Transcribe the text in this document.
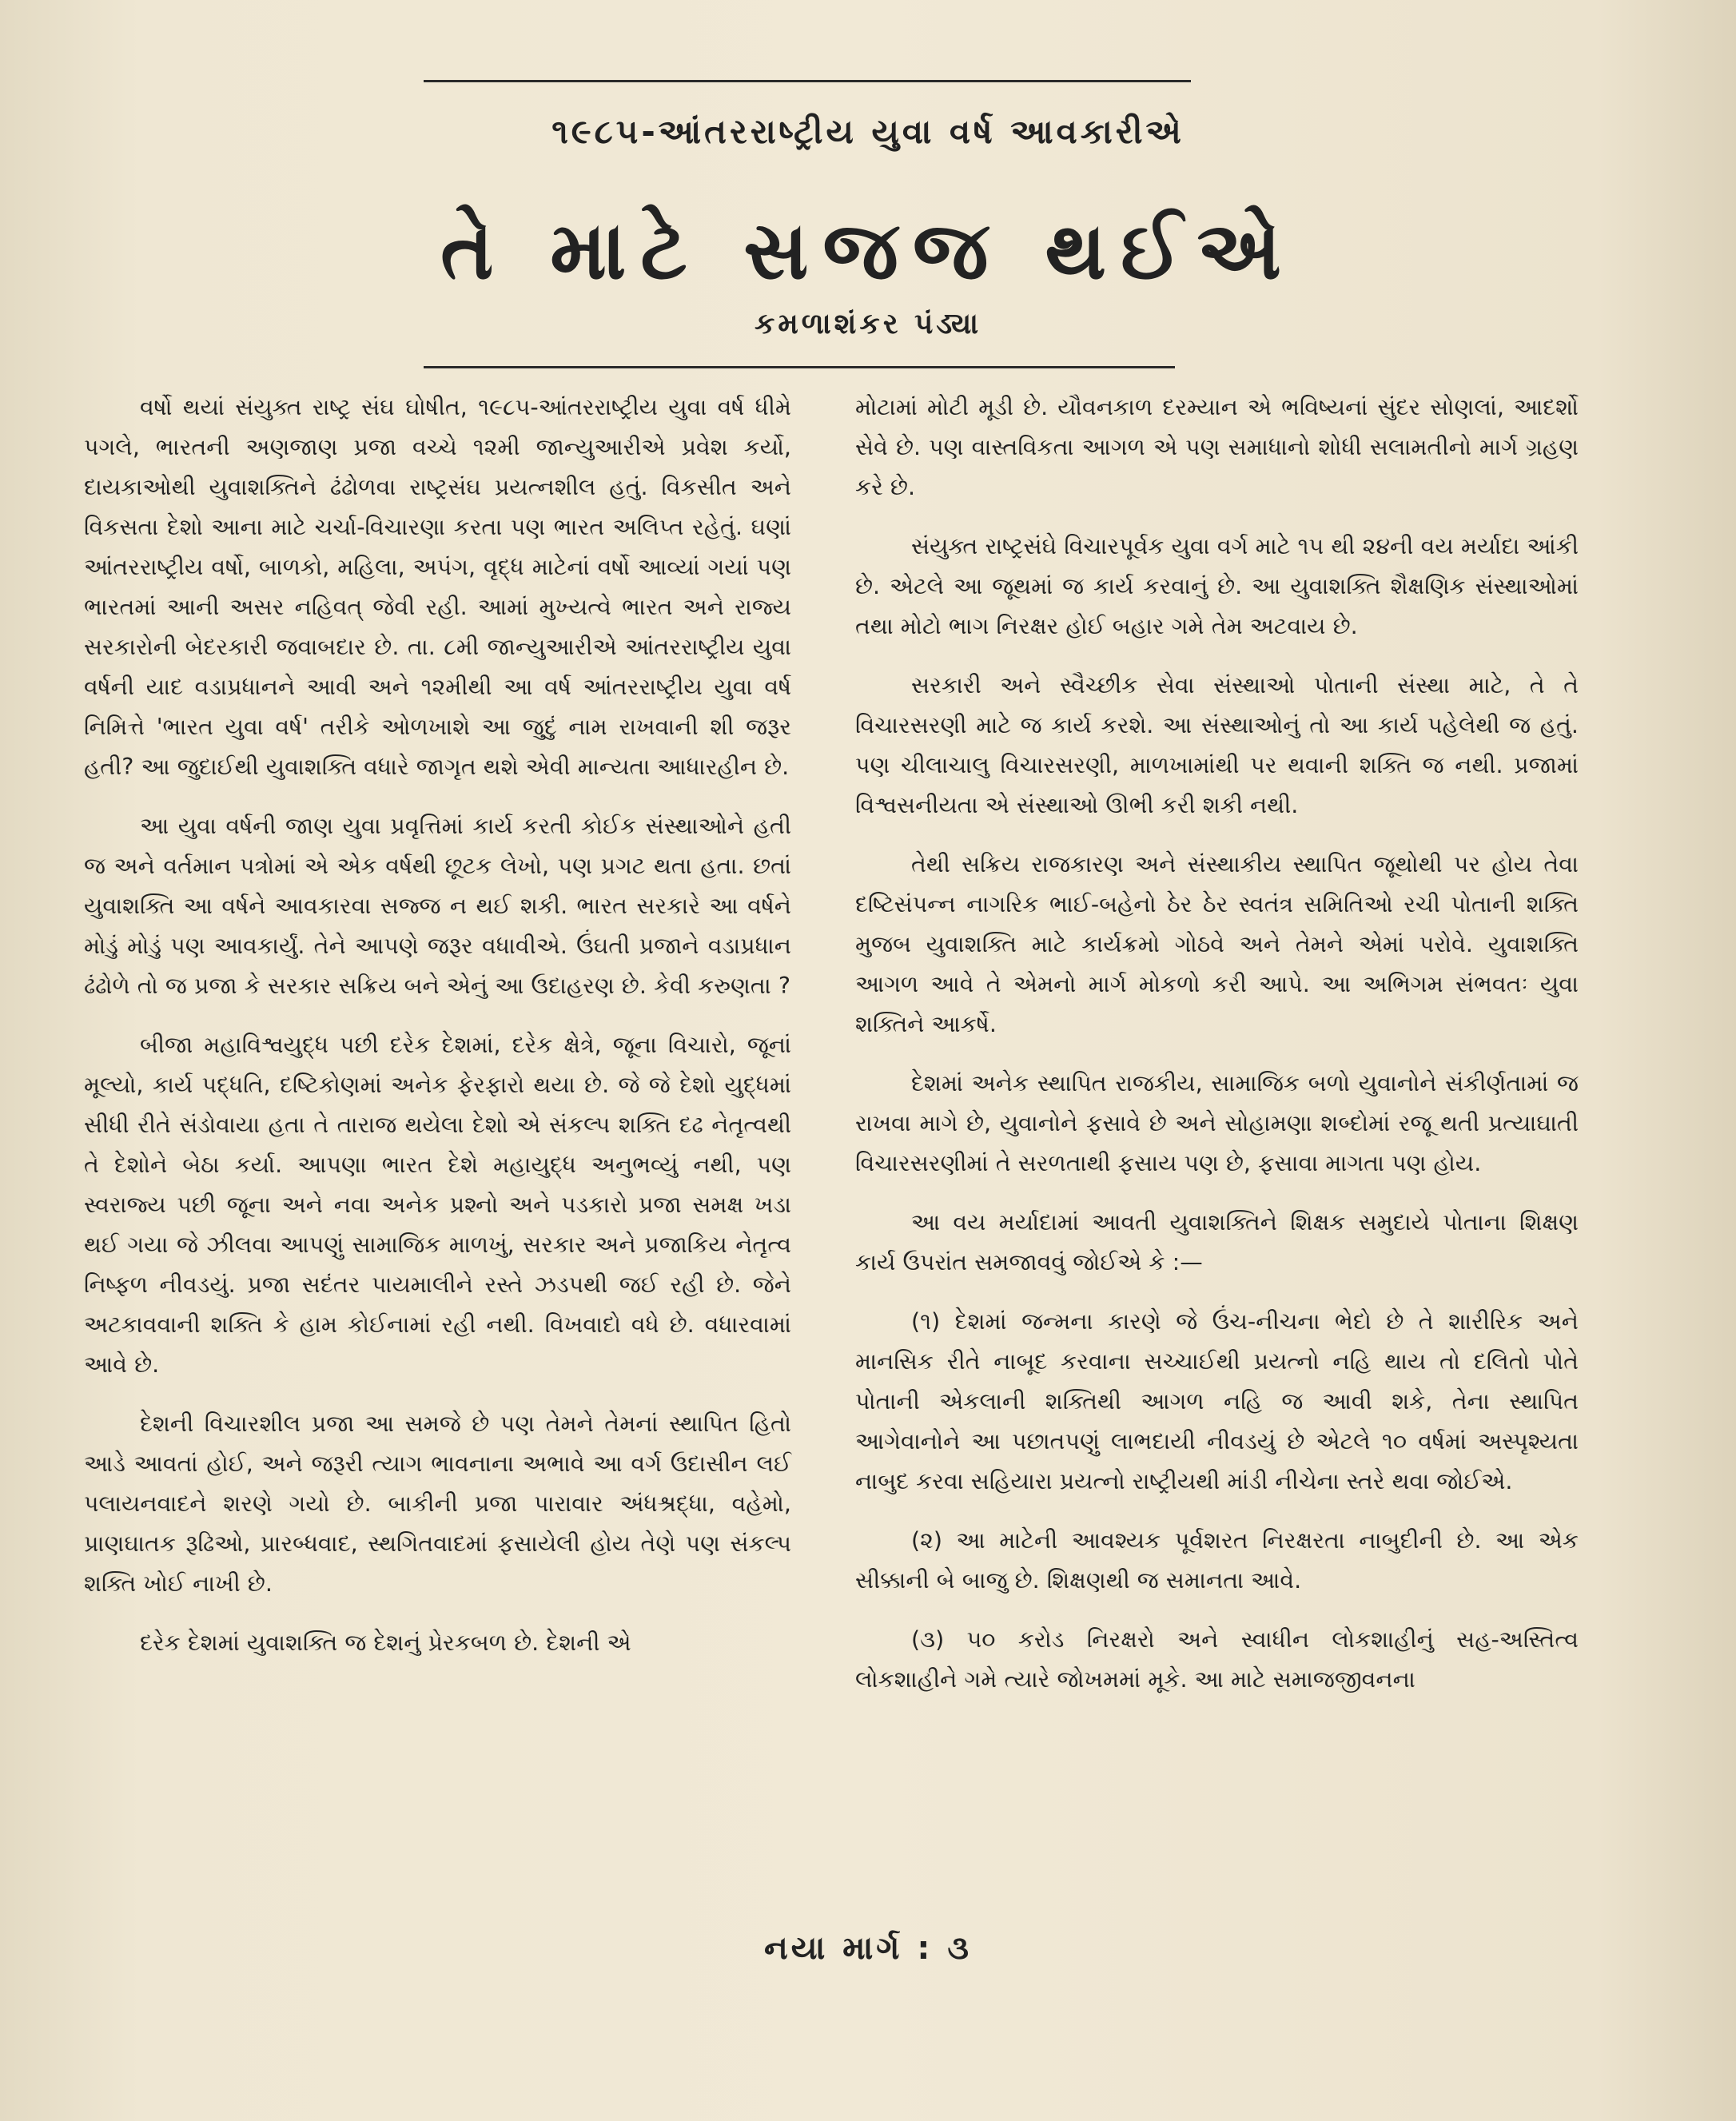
૧૯૮૫-આંતરરાષ્ટ્રીય યુવા વર્ષ આવકારીએ
તે માટે સજજ થઈએ
કમળાશંકર પંડ્યા

વર્ષો થયાં સંયુક્ત રાષ્ટ્ર સંઘ ઘોષીત, ૧૯૮૫-આંતરરાષ્ટ્રીય યુવા વર્ષ ધીમે પગલે, ભારતની અણજાણ પ્રજા વચ્ચે ૧૨મી જાન્યુઆરીએ પ્રવેશ કર્યો, દાયકાઓથી યુવાશક્તિને ઢંઢોળવા રાષ્ટ્રસંઘ પ્રયત્નશીલ હતું. વિકસીત અને વિકસતા દેશો આના માટે ચર્ચા-વિચારણા કરતા પણ ભારત અલિપ્ત રહેતું. ઘણાં આંતરરાષ્ટ્રીય વર્ષો, બાળકો, મહિલા, અપંગ, વૃદ્ધ માટેનાં વર્ષો આવ્યાં ગયાં પણ ભારતમાં આની અસર નહિવત્ જેવી રહી. આમાં મુખ્યત્વે ભારત અને રાજ્ય સરકારોની બેદરકારી જવાબદાર છે. તા. ૮મી જાન્યુઆરીએ આંતરરાષ્ટ્રીય યુવા વર્ષની યાદ વડાપ્રધાનને આવી અને ૧૨મીથી આ વર્ષ આંતરરાષ્ટ્રીય યુવા વર્ષ નિમિત્તે 'ભારત યુવા વર્ષ' તરીકે ઓળખાશે આ જુદું નામ રાખવાની શી જરૂર હતી? આ જુદાઈથી યુવાશક્તિ વધારે જાગૃત થશે એવી માન્યતા આધારહીન છે.

આ યુવા વર્ષની જાણ યુવા પ્રવૃત્તિમાં કાર્ય કરતી કોઈક સંસ્થાઓને હતી જ અને વર્તમાન પત્રોમાં એ એક વર્ષથી છૂટક લેખો, પણ પ્રગટ થતા હતા. છતાં યુવાશક્તિ આ વર્ષને આવકારવા સજ્જ ન થઈ શકી. ભારત સરકારે આ વર્ષને મોડું મોડું પણ આવકાર્યું. તેને આપણે જરૂર વધાવીએ. ઉંઘતી પ્રજાને વડાપ્રધાન ઢંઢોળે તો જ પ્રજા કે સરકાર સક્રિય બને એનું આ ઉદાહરણ છે. કેવી કરુણતા ?

બીજા મહાવિશ્વયુદ્ધ પછી દરેક દેશમાં, દરેક ક્ષેત્રે, જૂના વિચારો, જૂનાં મૂલ્યો, કાર્ય પદ્ધતિ, દષ્ટિકોણમાં અનેક ફેરફારો થયા છે. જે જે દેશો યુદ્ધમાં સીધી રીતે સંડોવાયા હતા તે તારાજ થયેલા દેશો એ સંકલ્પ શક્તિ દઢ નેતૃત્વથી તે દેશોને બેઠા કર્યા. આપણા ભારત દેશે મહાયુદ્ધ અનુભવ્યું નથી, પણ સ્વરાજ્ય પછી જૂના અને નવા અનેક પ્રશ્નો અને પડકારો પ્રજા સમક્ષ ખડા થઈ ગયા જે ઝીલવા આપણું સામાજિક માળખું, સરકાર અને પ્રજાકિય નેતૃત્વ નિષ્ફળ નીવડયું. પ્રજા સદંતર પાયમાલીને રસ્તે ઝડપથી જઈ રહી છે. જેને અટકાવવાની શક્તિ કે હામ કોઈનામાં રહી નથી. વિખવાદો વધે છે. વધારવામાં આવે છે.

દેશની વિચારશીલ પ્રજા આ સમજે છે પણ તેમને તેમનાં સ્થાપિત હિતો આડે આવતાં હોઈ, અને જરૂરી ત્યાગ ભાવનાના અભાવે આ વર્ગ ઉદાસીન લઈ પલાયનવાદને શરણે ગયો છે. બાકીની પ્રજા પારાવાર અંધશ્રદ્ધા, વહેમો, પ્રાણઘાતક રૂઢિઓ, પ્રારબ્ધવાદ, સ્થગિતવાદમાં ફસાયેલી હોય તેણે પણ સંકલ્પ શક્તિ ખોઈ નાખી છે.

દરેક દેશમાં યુવાશક્તિ જ દેશનું પ્રેરકબળ છે. દેશની એ

મોટામાં મોટી મૂડી છે. યૌવનકાળ દરમ્યાન એ ભવિષ્યનાં સુંદર સોણલાં, આદર્શો સેવે છે. પણ વાસ્તવિકતા આગળ એ પણ સમાધાનો શોધી સલામતીનો માર્ગ ગ્રહણ કરે છે.

સંયુક્ત રાષ્ટ્રસંઘે વિચારપૂર્વક યુવા વર્ગ માટે ૧૫ થી ૨૪ની વય મર્યાદા આંકી છે. એટલે આ જૂથમાં જ કાર્ય કરવાનું છે. આ યુવાશક્તિ શૈક્ષણિક સંસ્થાઓમાં તથા મોટો ભાગ નિરક્ષર હોઈ બહાર ગમે તેમ અટવાય છે.

સરકારી અને સ્વૈચ્છીક સેવા સંસ્થાઓ પોતાની સંસ્થા માટે, તે તે વિચારસરણી માટે જ કાર્ય કરશે. આ સંસ્થાઓનું તો આ કાર્ય પહેલેથી જ હતું. પણ ચીલાચાલુ વિચારસરણી, માળખામાંથી પર થવાની શક્તિ જ નથી. પ્રજામાં વિશ્વસનીયતા એ સંસ્થાઓ ઊભી કરી શકી નથી.

તેથી સક્રિય રાજકારણ અને સંસ્થાકીય સ્થાપિત જૂથોથી પર હોય તેવા દષ્ટિસંપન્ન નાગરિક ભાઈ-બહેનો ઠેર ઠેર સ્વતંત્ર સમિતિઓ રચી પોતાની શક્તિ મુજબ યુવાશક્તિ માટે કાર્યક્રમો ગોઠવે અને તેમને એમાં પરોવે. યુવાશક્તિ આગળ આવે તે એમનો માર્ગ મોકળો કરી આપે. આ અભિગમ સંભવતઃ યુવા શક્તિને આકર્ષે.

દેશમાં અનેક સ્થાપિત રાજકીય, સામાજિક બળો યુવાનોને સંકીર્ણતામાં જ રાખવા માગે છે, યુવાનોને ફસાવે છે અને સોહામણા શબ્દોમાં રજૂ થતી પ્રત્યાઘાતી વિચારસરણીમાં તે સરળતાથી ફસાય પણ છે, ફસાવા માગતા પણ હોય.

આ વય મર્યાદામાં આવતી યુવાશક્તિને શિક્ષક સમુદાયે પોતાના શિક્ષણ કાર્ય ઉપરાંત સમજાવવું જોઈએ કે :—

(૧) દેશમાં જન્મના કારણે જે ઉંચ-નીચના ભેદો છે તે શારીરિક અને માનસિક રીતે નાબૂદ કરવાના સચ્ચાઈથી પ્રયત્નો નહિ થાય તો દલિતો પોતે પોતાની એકલાની શક્તિથી આગળ નહિ જ આવી શકે, તેના સ્થાપિત આગેવાનોને આ પછાતપણું લાભદાયી નીવડયું છે એટલે ૧૦ વર્ષમાં અસ્પૃશ્યતા નાબુદ કરવા સહિયારા પ્રયત્નો રાષ્ટ્રીયથી માંડી નીચેના સ્તરે થવા જોઈએ.

(૨) આ માટેની આવશ્યક પૂર્વશરત નિરક્ષરતા નાબુદીની છે. આ એક સીક્કાની બે બાજુ છે. શિક્ષણથી જ સમાનતા આવે.

(૩) ૫૦ કરોડ નિરક્ષરો અને સ્વાધીન લોકશાહીનું સહ-અસ્તિત્વ લોકશાહીને ગમે ત્યારે જોખમમાં મૂકે. આ માટે સમાજજીવનના

નયા માર્ગ : ૩
